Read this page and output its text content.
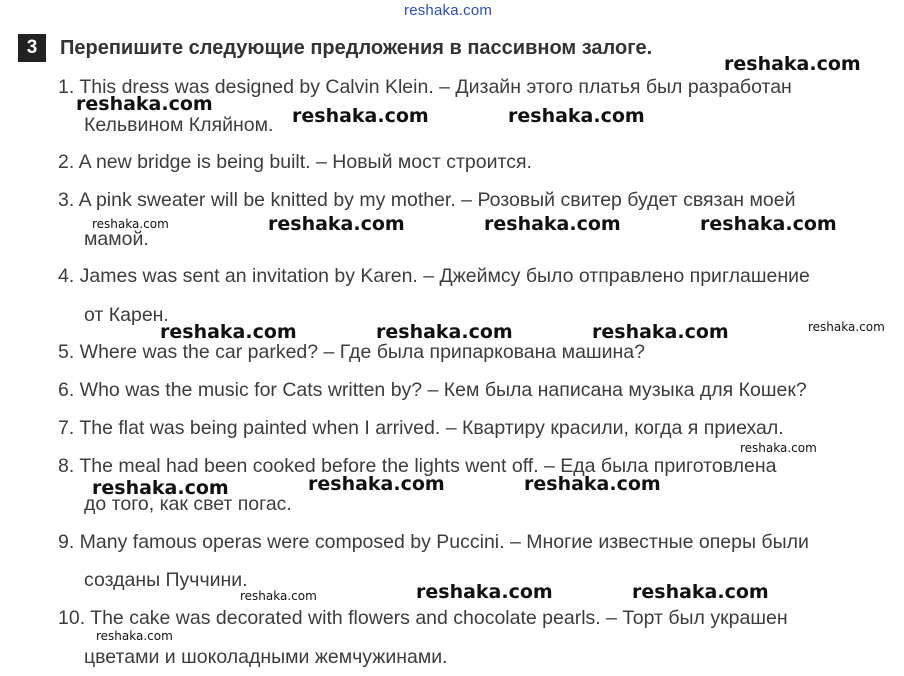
reshaka.com
3	Перепишите следующие предложения в пассивном залоге.
1. This dress was designed by Calvin Klein. – Дизайн этого платья был разработан
Кельвином Кляйном.
2. A new bridge is being built. – Новый мост строится.
3. A pink sweater will be knitted by my mother. – Розовый свитер будет связан моей
мамой.
4. James was sent an invitation by Karen. – Джеймсу было отправлено приглашение
от Карен.
5. Where was the car parked? – Где была припаркована машина?
6. Who was the music for Cats written by? – Кем была написана музыка для Кошек?
7. The flat was being painted when I arrived. – Квартиру красили, когда я приехал.
8. The meal had been cooked before the lights went off. – Еда была приготовлена
до того, как свет погас.
9. Many famous operas were composed by Puccini. – Многие известные оперы были
созданы Пуччини.
10. The cake was decorated with flowers and chocolate pearls. – Торт был украшен
цветами и шоколадными жемчужинами.
reshaka.com
reshaka.com
reshaka.com	reshaka.com
reshaka.com	reshaka.com	reshaka.com	reshaka.com
reshaka.com	reshaka.com	reshaka.com	reshaka.com
reshaka.com
reshaka.com	reshaka.com	reshaka.com
reshaka.com	reshaka.com	reshaka.com
reshaka.com
